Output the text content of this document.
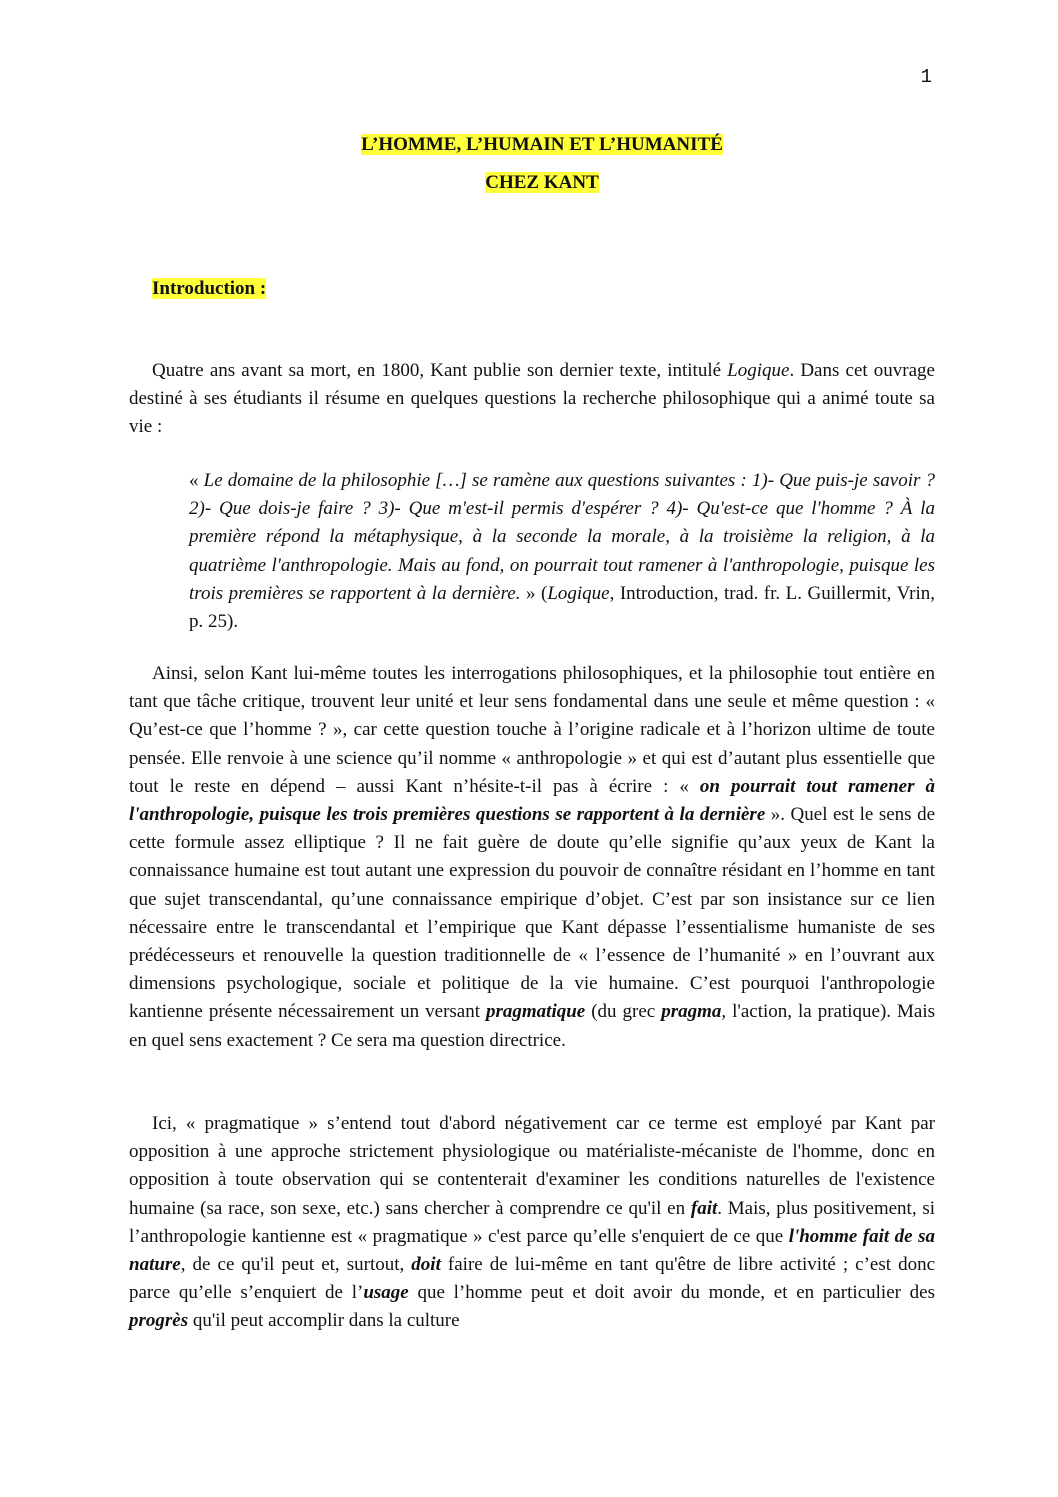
1
L’HOMME, L’HUMAIN ET L’HUMANITÉ
CHEZ KANT
Introduction :

Quatre ans avant sa mort, en 1800, Kant publie son dernier texte, intitulé Logique. Dans cet ouvrage destiné à ses étudiants il résume en quelques questions la recherche philosophique qui a animé toute sa vie :

« Le domaine de la philosophie […] se ramène aux questions suivantes : 1)- Que puis-je savoir ? 2)- Que dois-je faire ? 3)- Que m'est-il permis d'espérer ? 4)- Qu'est-ce que l'homme ? À la première répond la métaphysique, à la seconde la morale, à la troisième la religion, à la quatrième l'anthropologie. Mais au fond, on pourrait tout ramener à l'anthropologie, puisque les trois premières se rapportent à la dernière. » (Logique, Introduction, trad. fr. L. Guillermit, Vrin, p. 25).

Ainsi, selon Kant lui-même toutes les interrogations philosophiques, et la philosophie tout entière en tant que tâche critique, trouvent leur unité et leur sens fondamental dans une seule et même question : « Qu’est-ce que l’homme ? », car cette question touche à l’origine radicale et à l’horizon ultime de toute pensée. Elle renvoie à une science qu’il nomme « anthropologie » et qui est d’autant plus essentielle que tout le reste en dépend – aussi Kant n’hésite-t-il pas à écrire : « on pourrait tout ramener à l'anthropologie, puisque les trois premières questions se rapportent à la dernière ». Quel est le sens de cette formule assez elliptique ? Il ne fait guère de doute qu’elle signifie qu’aux yeux de Kant la connaissance humaine est tout autant une expression du pouvoir de connaître résidant en l’homme en tant que sujet transcendantal, qu’une connaissance empirique d’objet. C’est par son insistance sur ce lien nécessaire entre le transcendantal et l’empirique que Kant dépasse l’essentialisme humaniste de ses prédécesseurs et renouvelle la question traditionnelle de « l’essence de l’humanité » en l’ouvrant aux dimensions psychologique, sociale et politique de la vie humaine. C’est pourquoi l'anthropologie kantienne présente nécessairement un versant pragmatique (du grec pragma, l'action, la pratique). Mais en quel sens exactement ? Ce sera ma question directrice.

Ici, « pragmatique » s’entend tout d'abord négativement car ce terme est employé par Kant par opposition à une approche strictement physiologique ou matérialiste-mécaniste de l'homme, donc en opposition à toute observation qui se contenterait d'examiner les conditions naturelles de l'existence humaine (sa race, son sexe, etc.) sans chercher à comprendre ce qu'il en fait. Mais, plus positivement, si l’anthropologie kantienne est « pragmatique » c'est parce qu’elle s'enquiert de ce que l'homme fait de sa nature, de ce qu'il peut et, surtout, doit faire de lui-même en tant qu'être de libre activité ; c’est donc parce qu’elle s’enquiert de l’usage que l’homme peut et doit avoir du monde, et en particulier des progrès qu'il peut accomplir dans la culture
